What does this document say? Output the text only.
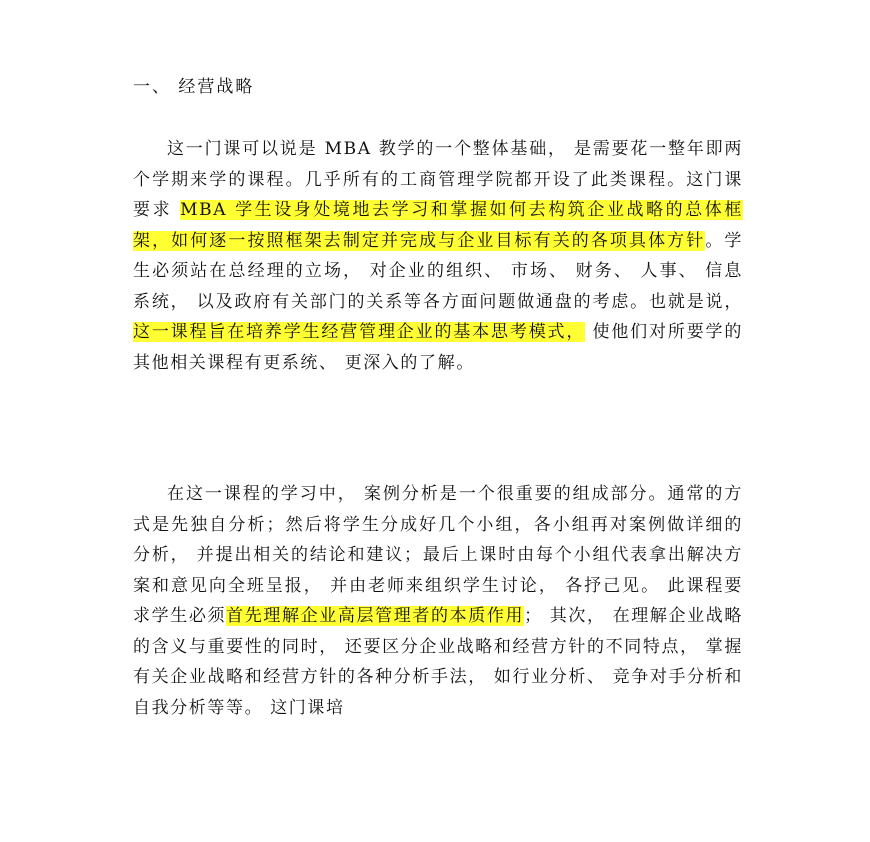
一、 经营战略

这一门课可以说是 MBA 教学的一个整体基础， 是需要花一整年即两个学期来学的课程。几乎所有的工商管理学院都开设了此类课程。这门课要求 MBA 学生设身处境地去学习和掌握如何去构筑企业战略的总体框架，如何逐一按照框架去制定并完成与企业目标有关的各项具体方针。学生必须站在总经理的立场， 对企业的组织、 市场、 财务、 人事、 信息系统， 以及政府有关部门的关系等各方面问题做通盘的考虑。也就是说， 这一课程旨在培养学生经营管理企业的基本思考模式， 使他们对所要学的其他相关课程有更系统、 更深入的了解。

在这一课程的学习中， 案例分析是一个很重要的组成部分。通常的方式是先独自分析；然后将学生分成好几个小组，各小组再对案例做详细的分析， 并提出相关的结论和建议；最后上课时由每个小组代表拿出解决方案和意见向全班呈报， 并由老师来组织学生讨论， 各抒己见。 此课程要求学生必须首先理解企业高层管理者的本质作用； 其次， 在理解企业战略的含义与重要性的同时， 还要区分企业战略和经营方针的不同特点， 掌握有关企业战略和经营方针的各种分析手法， 如行业分析、 竞争对手分析和自我分析等等。 这门课培
